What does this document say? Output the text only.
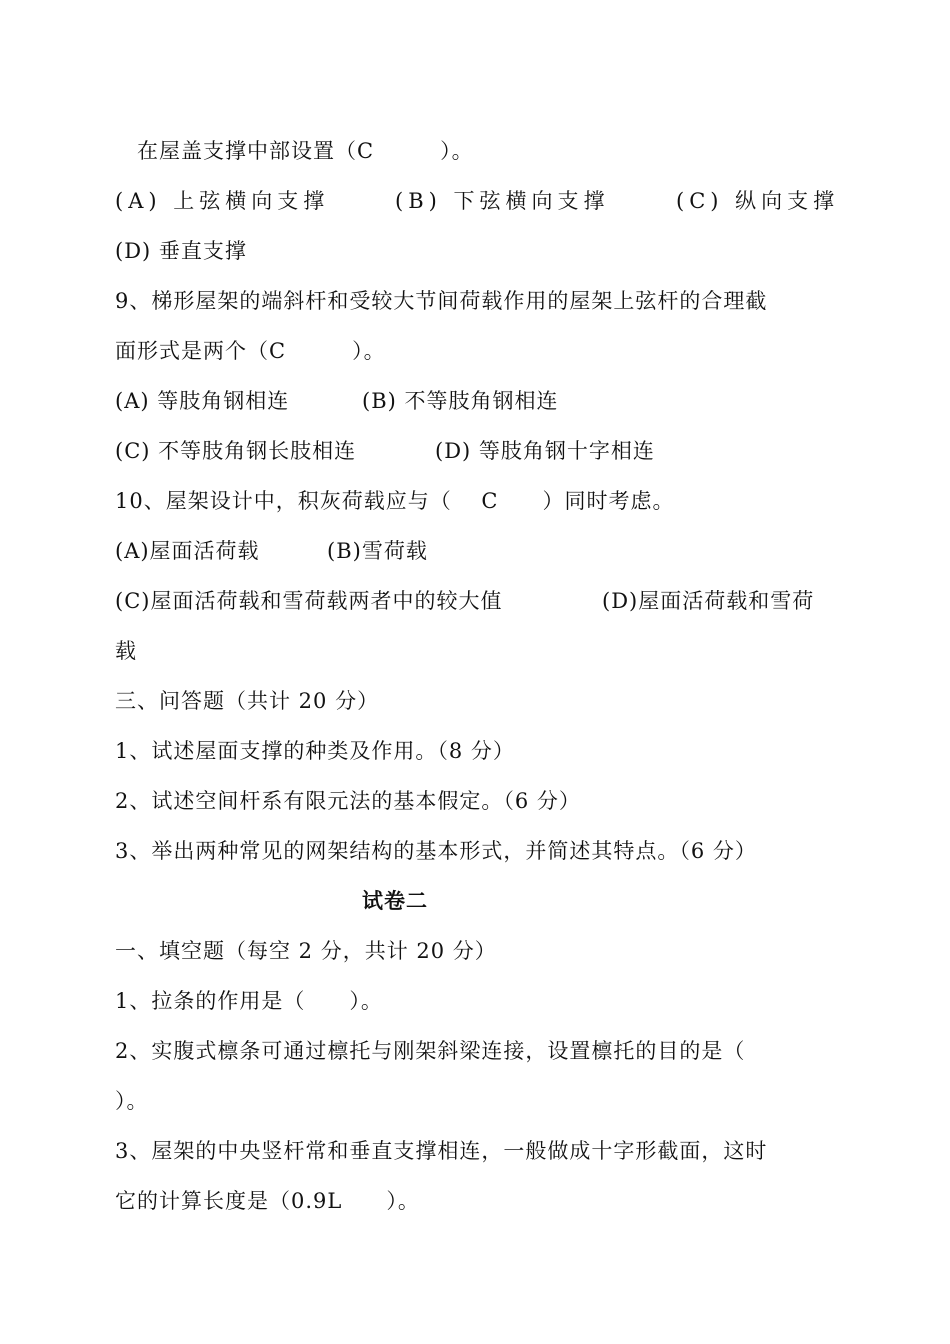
在屋盖支撑中部设置（C　　　）。
(A) 上弦横向支撑	(B) 下弦横向支撑	(C) 纵向支撑
(D) 垂直支撑
9、梯形屋架的端斜杆和受较大节间荷载作用的屋架上弦杆的合理截
面形式是两个（C　　　）。
(A) 等肢角钢相连	(B) 不等肢角钢相连
(C) 不等肢角钢长肢相连	(D) 等肢角钢十字相连
10、屋架设计中，积灰荷载应与（　 C　　）同时考虑。
(A)屋面活荷载	(B)雪荷载
(C)屋面活荷载和雪荷载两者中的较大值	(D)屋面活荷载和雪荷
载
三、问答题（共计 20 分）
1、试述屋面支撑的种类及作用。（8 分）
2、试述空间杆系有限元法的基本假定。（6 分）
3、举出两种常见的网架结构的基本形式，并简述其特点。（6 分）
试卷二
一、填空题（每空 2 分，共计 20 分）
1、拉条的作用是（　　）。
2、实腹式檩条可通过檩托与刚架斜梁连接，设置檩托的目的是（
）。
3、屋架的中央竖杆常和垂直支撑相连，一般做成十字形截面，这时
它的计算长度是（0.9L　　）。
